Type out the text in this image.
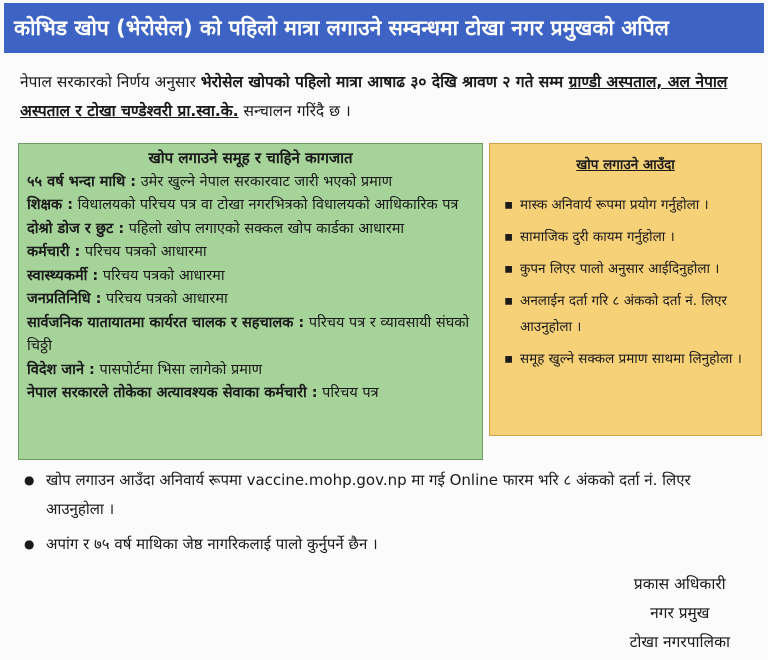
कोभिड खोप (भेरोसेल) को पहिलो मात्रा लगाउने सम्वन्धमा टोखा नगर प्रमुखको अपिल
नेपाल सरकारको निर्णय अनुसार भेरोसेल खोपको पहिलो मात्रा आषाढ ३० देखि श्रावण २ गते सम्म ग्राण्डी अस्पताल, अल नेपाल अस्पताल र टोखा चण्डेश्वरी प्रा.स्वा.के. सन्चालन गरिंदै छ ।
खोप लगाउने समूह र चाहिने कागजात
५५ वर्ष भन्दा माथि : उमेर खुल्ने नेपाल सरकारवाट जारी भएको प्रमाण
शिक्षक : विधालयको परिचय पत्र वा टोखा नगरभित्रको विधालयको आधिकारिक पत्र
दोश्रो डोज र छुट : पहिलो खोप लगाएको सक्कल खोप कार्डका आधारमा
कर्मचारी : परिचय पत्रको आधारमा
स्वास्थ्यकर्मी : परिचय पत्रको आधारमा
जनप्रतिनिधि : परिचय पत्रको आधारमा
सार्वजनिक यातायातमा कार्यरत चालक र सहचालक : परिचय पत्र र व्यावसायी संघको चिठ्ठी
विदेश जाने : पासपोर्टमा भिसा लागेको प्रमाण
नेपाल सरकारले तोकेका अत्यावश्यक सेवाका कर्मचारी : परिचय पत्र
खोप लगाउने आउँदा
▪ मास्क अनिवार्य रूपमा प्रयोग गर्नुहोला ।
▪ सामाजिक दुरी कायम गर्नुहोला ।
▪ कुपन लिएर पालो अनुसार आईदिनुहोला ।
▪ अनलाईन दर्ता गरि ८ अंकको दर्ता नं. लिएर आउनुहोला ।
▪ समूह खुल्ने सक्कल प्रमाण साथमा लिनुहोला ।
● खोप लगाउन आउँदा अनिवार्य रूपमा vaccine.mohp.gov.np मा गई Online फारम भरि ८ अंकको दर्ता नं. लिएर आउनुहोला ।
● अपांग र ७५ वर्ष माथिका जेष्ठ नागरिकलाई पालो कुर्नुपर्ने छैन ।
प्रकास अधिकारी
नगर प्रमुख
टोखा नगरपालिका
